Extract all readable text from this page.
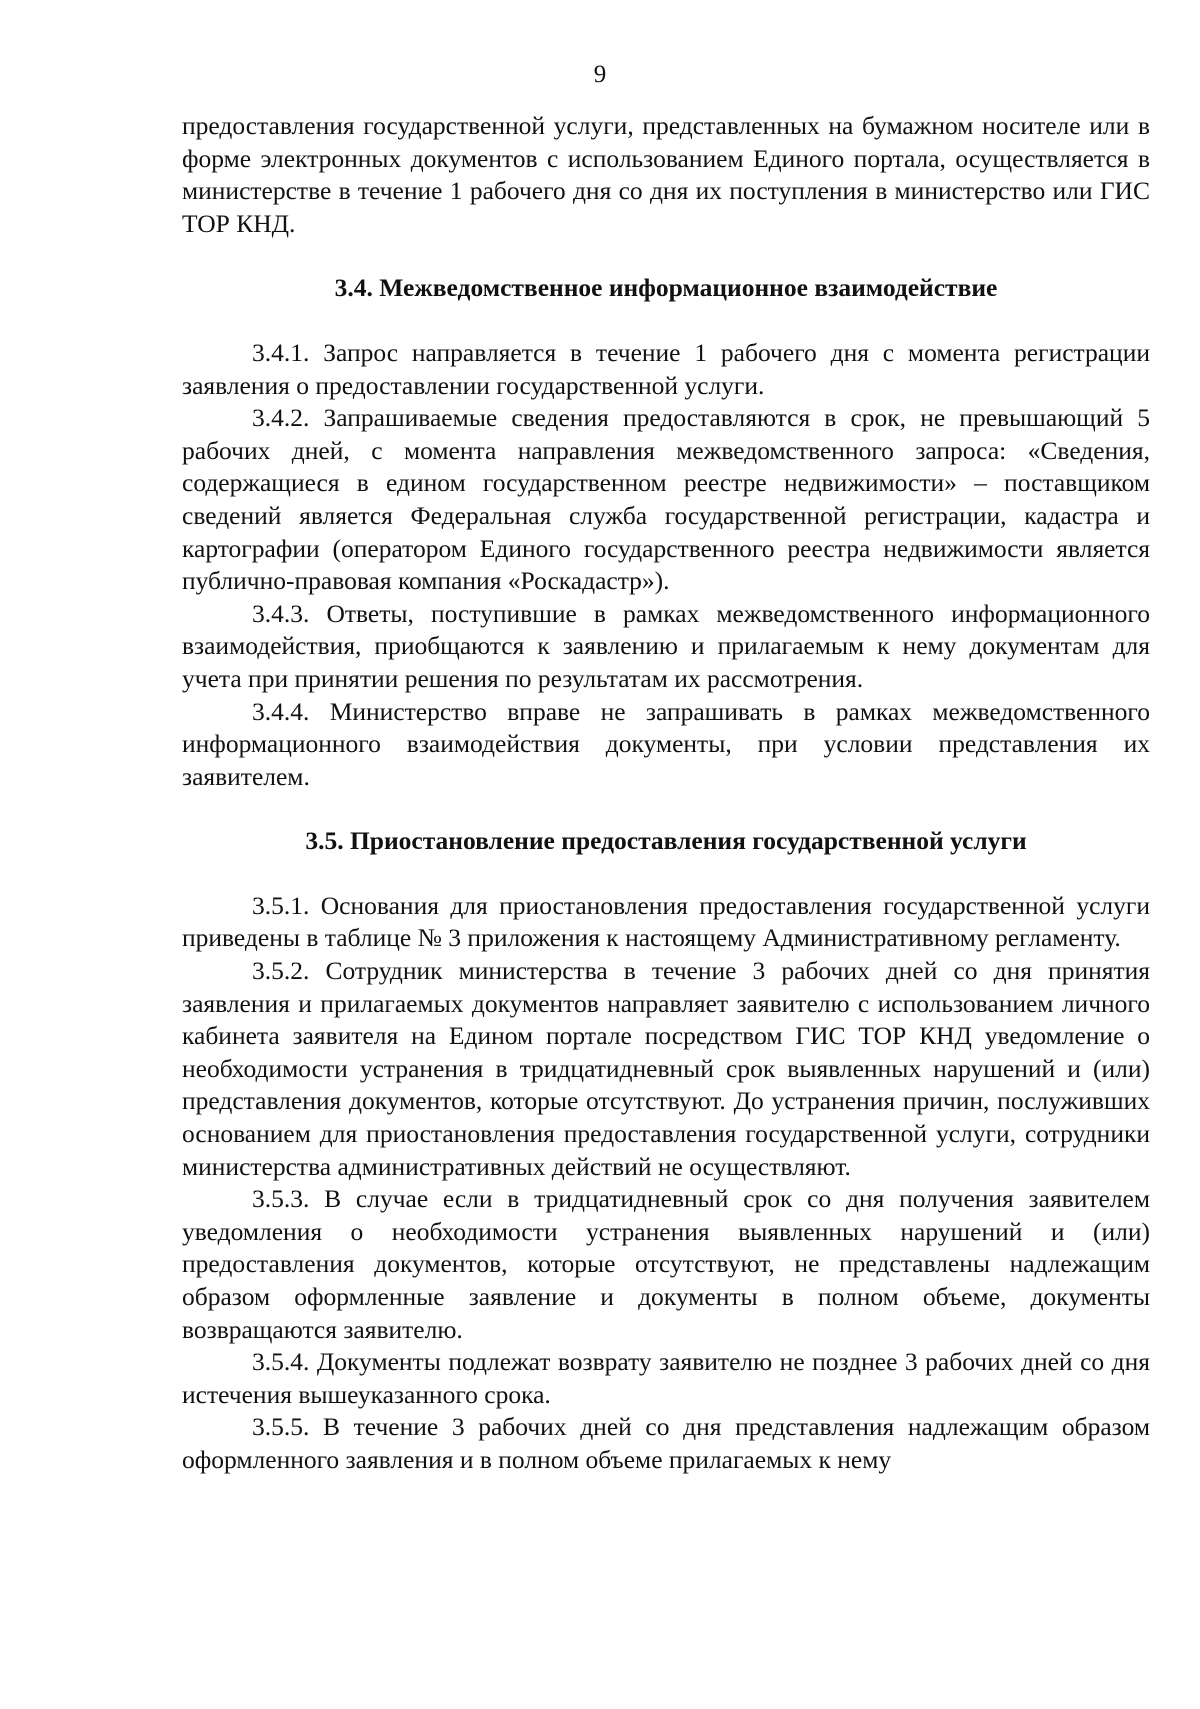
9

предоставления государственной услуги, представленных на бумажном носителе или в форме электронных документов с использованием Единого портала, осуществляется в министерстве в течение 1 рабочего дня со дня их поступления в министерство или ГИС ТОР КНД.

3.4. Межведомственное информационное взаимодействие

3.4.1. Запрос направляется в течение 1 рабочего дня с момента регистрации заявления о предоставлении государственной услуги.

3.4.2. Запрашиваемые сведения предоставляются в срок, не превышающий 5 рабочих дней, с момента направления межведомственного запроса: «Сведения, содержащиеся в едином государственном реестре недвижимости» – поставщиком сведений является Федеральная служба государственной регистрации, кадастра и картографии (оператором Единого государственного реестра недвижимости является публично-правовая компания «Роскадастр»).

3.4.3. Ответы, поступившие в рамках межведомственного информационного взаимодействия, приобщаются к заявлению и прилагаемым к нему документам для учета при принятии решения по результатам их рассмотрения.

3.4.4. Министерство вправе не запрашивать в рамках межведомственного информационного взаимодействия документы, при условии представления их заявителем.

3.5. Приостановление предоставления государственной услуги

3.5.1. Основания для приостановления предоставления государственной услуги приведены в таблице № 3 приложения к настоящему Административному регламенту.

3.5.2. Сотрудник министерства в течение 3 рабочих дней со дня принятия заявления и прилагаемых документов направляет заявителю с использованием личного кабинета заявителя на Едином портале посредством ГИС ТОР КНД уведомление о необходимости устранения в тридцатидневный срок выявленных нарушений и (или) представления документов, которые отсутствуют. До устранения причин, послуживших основанием для приостановления предоставления государственной услуги, сотрудники министерства административных действий не осуществляют.

3.5.3. В случае если в тридцатидневный срок со дня получения заявителем уведомления о необходимости устранения выявленных нарушений и (или) предоставления документов, которые отсутствуют, не представлены надлежащим образом оформленные заявление и документы в полном объеме, документы возвращаются заявителю.

3.5.4. Документы подлежат возврату заявителю не позднее 3 рабочих дней со дня истечения вышеуказанного срока.

3.5.5. В течение 3 рабочих дней со дня представления надлежащим образом оформленного заявления и в полном объеме прилагаемых к нему
